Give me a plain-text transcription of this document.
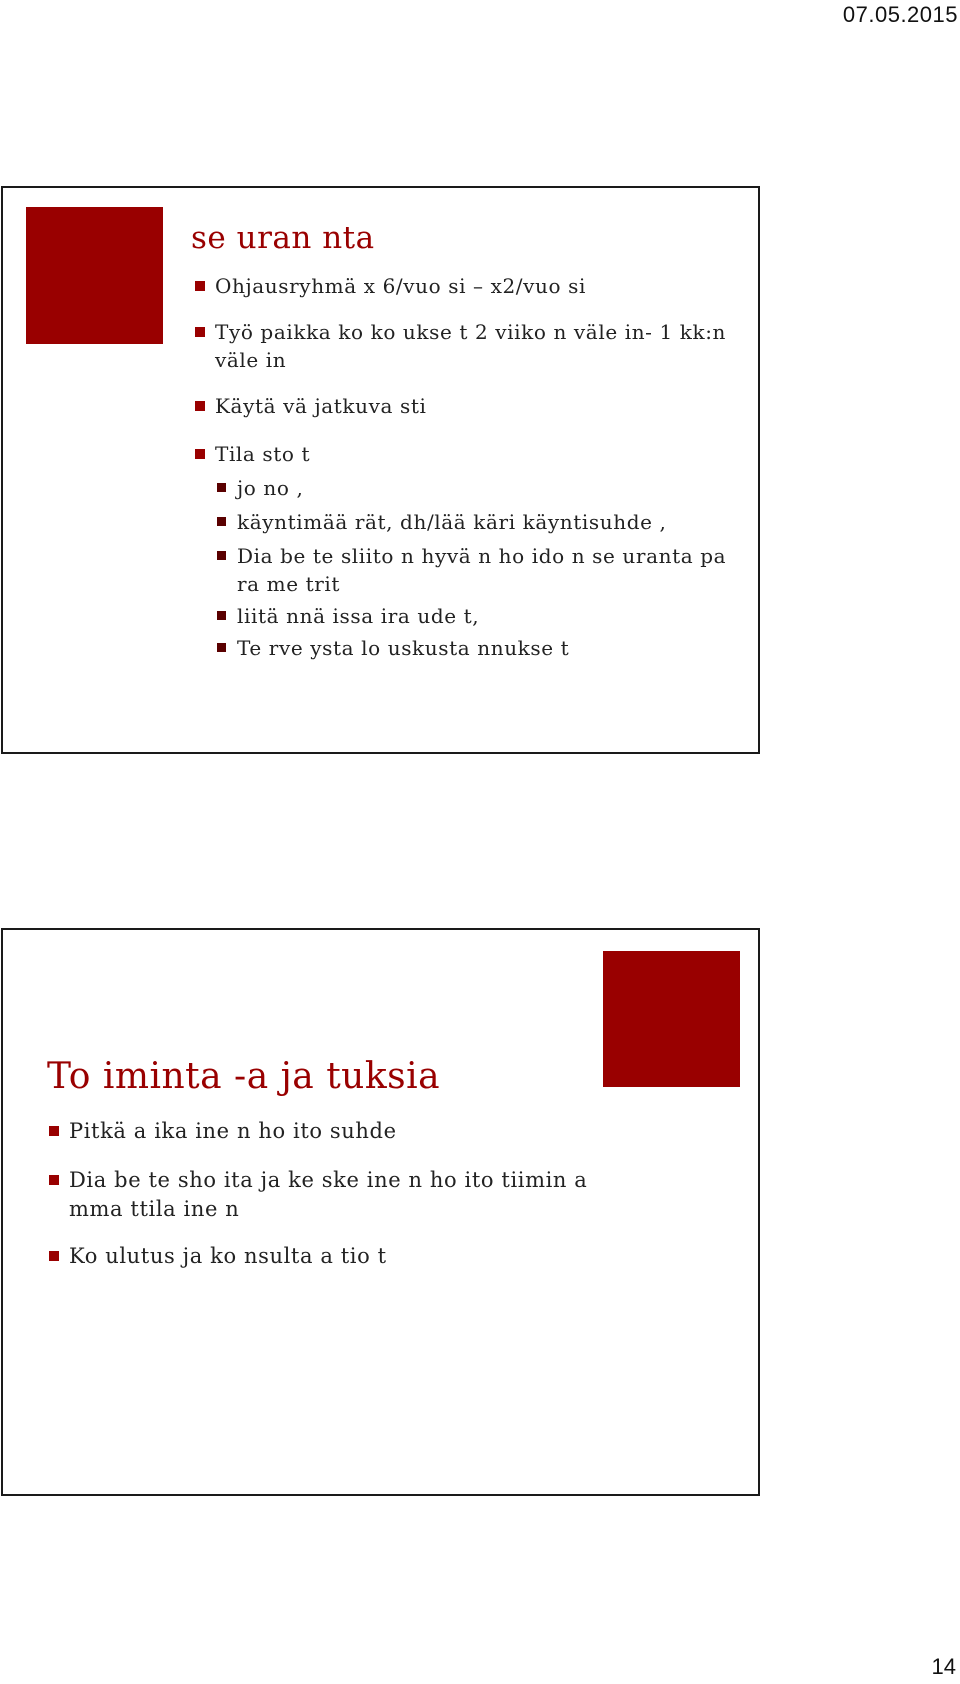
07.05.2015
se uran nta
Ohjausryhmä x 6/vuo si – x2/vuo si
Työ paikka ko ko ukse t 2 viiko n väle in- 1 kk:n väle in
Käytä vä jatkuva sti
Tila sto t
jo no ,
käyntimää rät, dh/lää käri käyntisuhde ,
Dia be te sliito n hyvä n ho ido n se uranta pa ra me trit
liitä nnä issa ira ude t,
Te rve ysta lo uskusta nnukse t
To iminta -a ja tuksia
Pitkä a ika ine n ho ito suhde
Dia be te sho ita ja ke ske ine n ho ito tiimin a mma ttila ine n
Ko ulutus ja ko nsulta a tio t
14
